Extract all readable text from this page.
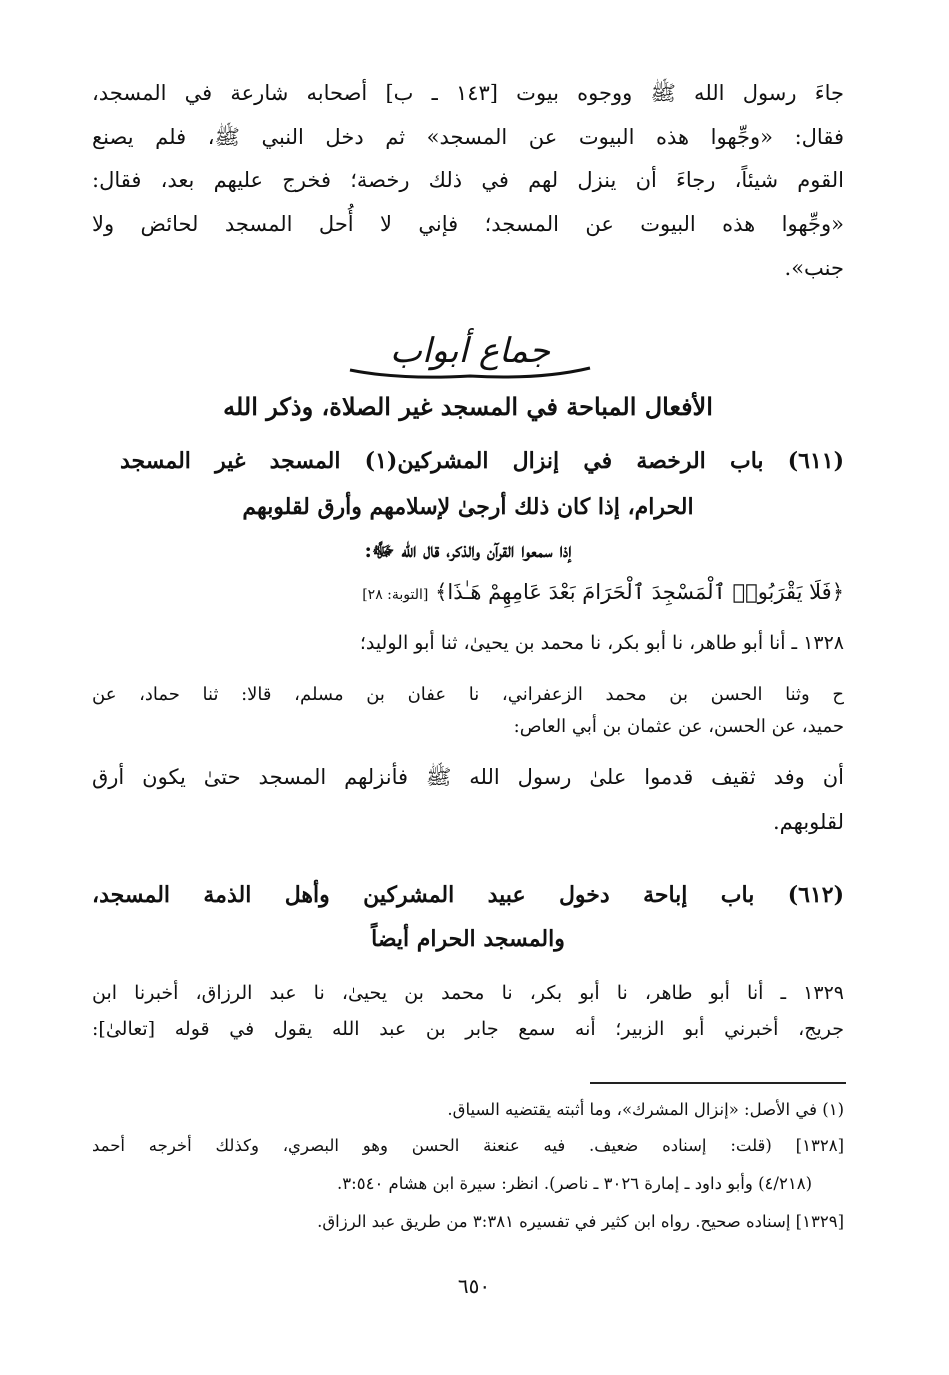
جاءَ رسول الله ﷺ ووجوه بيوت [١٤٣ ـ ب] أصحابه شارعة في المسجد،
فقال: «وجِّهوا هذه البيوت عن المسجد» ثم دخل النبي ﷺ، فلم يصنع
القوم شيئاً، رجاءَ أن ينزل لهم في ذلك رخصة؛ فخرج عليهم بعد، فقال:
«وجِّهوا هذه البيوت عن المسجد؛ فإني لا أُحل المسجد لحائض ولا
جنب».
جماع أبواب
الأفعال المباحة في المسجد غير الصلاة، وذكر الله
(٦١١) باب الرخصة في إنزال المشركين(١) المسجد غير المسجد
الحرام، إذا كان ذلك أرجىٰ لإسلامهم وأرق لقلوبهم
إذا سمعوا القرآن والذكر، قال الله ﷻ:
﴿فَلَا يَقْرَبُوا۟ ٱلْمَسْجِدَ ٱلْحَرَامَ بَعْدَ عَامِهِمْ هَـٰذَا﴾ [التوبة: ٢٨]
١٣٢٨ ـ أنا أبو طاهر، نا أبو بكر، نا محمد بن يحيىٰ، ثنا أبو الوليد؛
ح وثنا الحسن بن محمد الزعفراني، نا عفان بن مسلم، قالا: ثنا حماد، عن
حميد، عن الحسن، عن عثمان بن أبي العاص:
أن وفد ثقيف قدموا علىٰ رسول الله ﷺ فأنزلهم المسجد حتىٰ يكون أرق
لقلوبهم.
(٦١٢) باب إباحة دخول عبيد المشركين وأهل الذمة المسجد،
والمسجد الحرام أيضاً
١٣٢٩ ـ أنا أبو طاهر، نا أبو بكر، نا محمد بن يحيىٰ، نا عبد الرزاق، أخبرنا ابن
جريج، أخبرني أبو الزبير؛ أنه سمع جابر بن عبد الله يقول في قوله [تعالىٰ]:
(١) في الأصل: «إنزال المشرك»، وما أثبته يقتضيه السياق.
[١٣٢٨] (قلت: إسناده ضعيف. فيه عنعنة الحسن وهو البصري، وكذلك أخرجه أحمد
(٤/٢١٨) وأبو داود ـ إمارة ٣٠٢٦ ـ ناصر). انظر: سيرة ابن هشام ٣:٥٤٠.
[١٣٢٩] إسناده صحيح. رواه ابن كثير في تفسيره ٣:٣٨١ من طريق عبد الرزاق.
٦٥٠
